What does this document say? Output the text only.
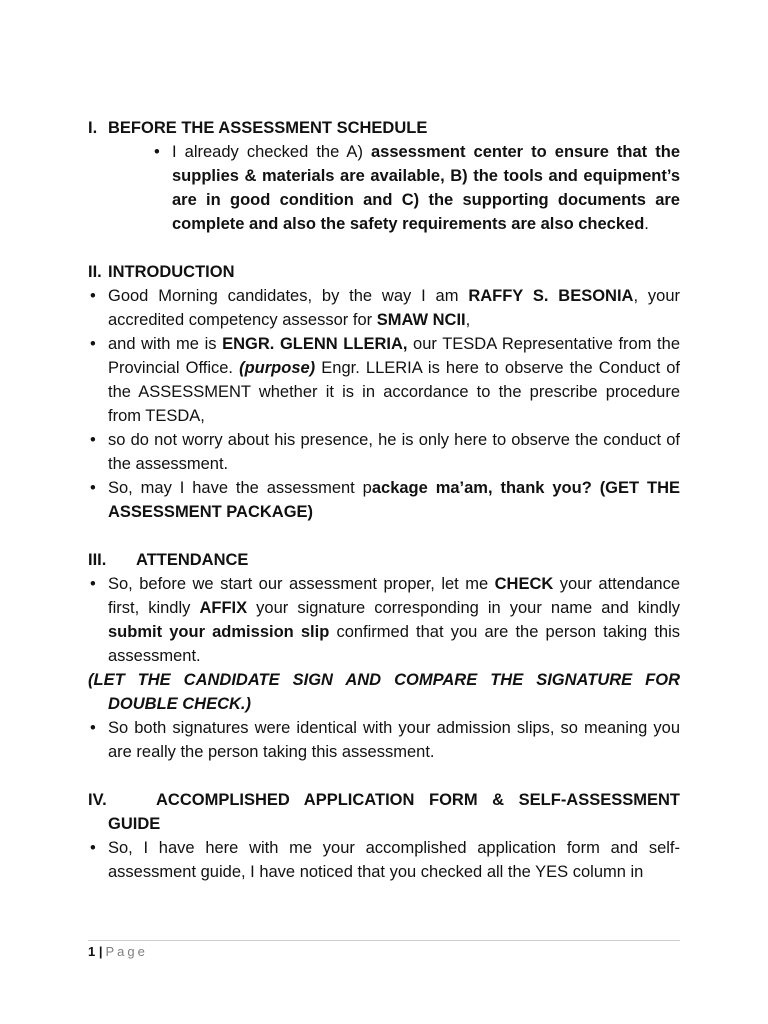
I. BEFORE THE ASSESSMENT SCHEDULE
• I already checked the A) assessment center to ensure that the supplies & materials are available, B) the tools and equipment’s are in good condition and C) the supporting documents are complete and also the safety requirements are also checked.
II. INTRODUCTION
• Good Morning candidates, by the way I am RAFFY S. BESONIA, your accredited competency assessor for SMAW NCII,
• and with me is ENGR. GLENN LLERIA, our TESDA Representative from the Provincial Office. (purpose) Engr. LLERIA is here to observe the Conduct of the ASSESSMENT whether it is in accordance to the prescribe procedure from TESDA,
• so do not worry about his presence, he is only here to observe the conduct of the assessment.
• So, may I have the assessment package ma’am, thank you? (GET THE ASSESSMENT PACKAGE)
III.	ATTENDANCE
• So, before we start our assessment proper, let me CHECK your attendance first, kindly AFFIX your signature corresponding in your name and kindly submit your admission slip confirmed that you are the person taking this assessment.
(LET THE CANDIDATE SIGN AND COMPARE THE SIGNATURE FOR DOUBLE CHECK.)
• So both signatures were identical with your admission slips, so meaning you are really the person taking this assessment.
IV.	ACCOMPLISHED APPLICATION FORM & SELF-ASSESSMENT GUIDE
• So, I have here with me your accomplished application form and self-assessment guide, I have noticed that you checked all the YES column in
1 | Page
